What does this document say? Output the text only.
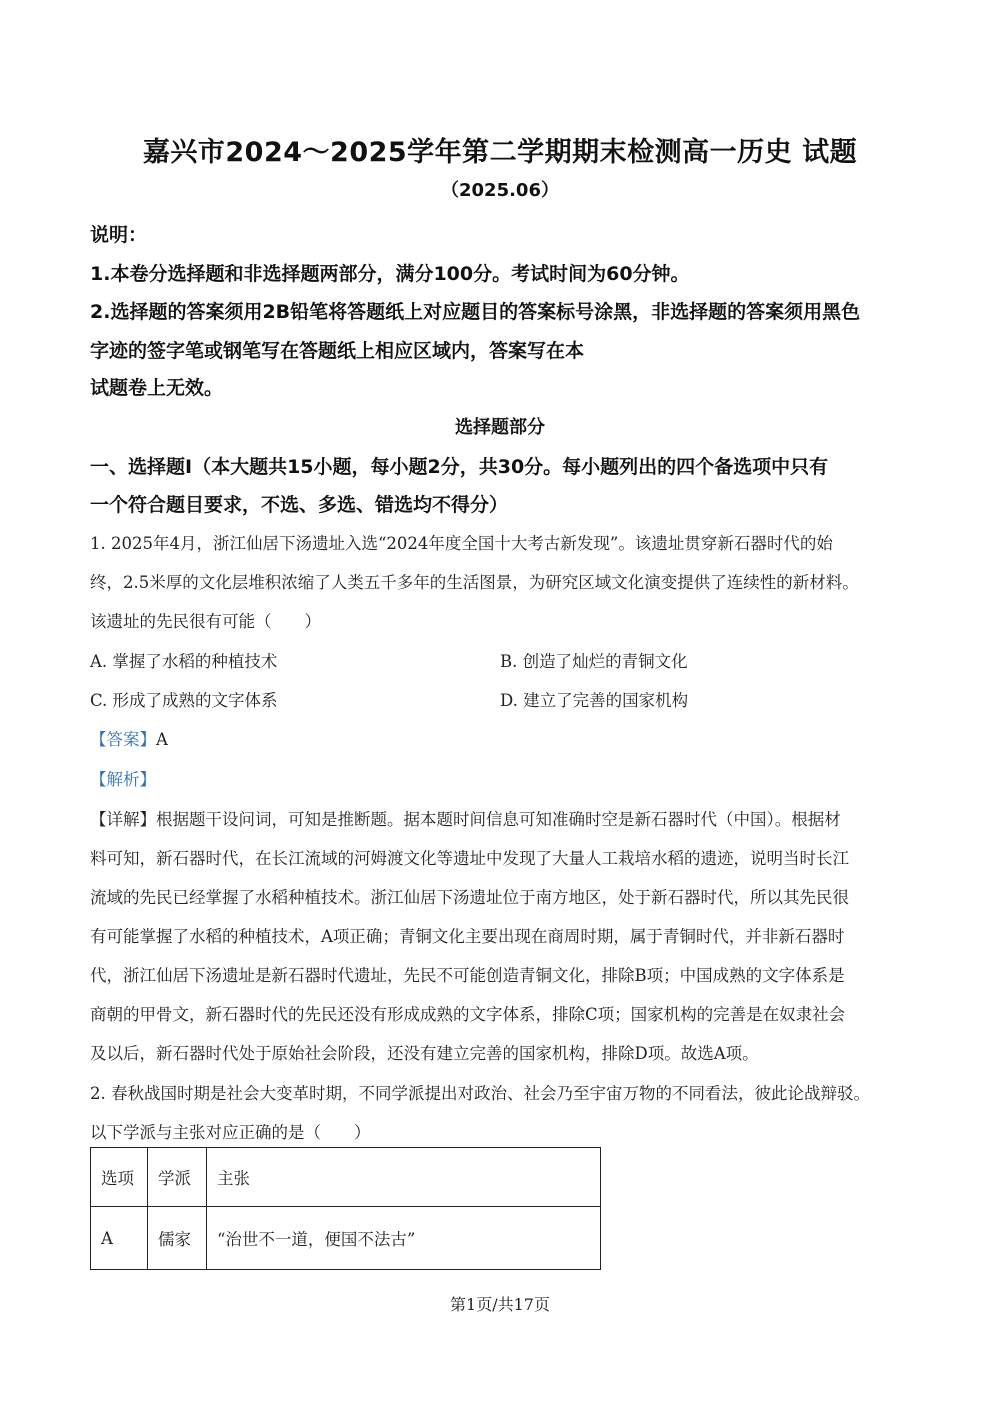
嘉兴市2024～2025学年第二学期期末检测高一历史 试题
（2025.06）
说明：
1.本卷分选择题和非选择题两部分，满分100分。考试时间为60分钟。
2.选择题的答案须用2B铅笔将答题纸上对应题目的答案标号涂黑，非选择题的答案须用黑色
字迹的签字笔或钢笔写在答题纸上相应区域内，答案写在本
试题卷上无效。
选择题部分
一、选择题Ⅰ（本大题共15小题，每小题2分，共30分。每小题列出的四个备选项中只有
一个符合题目要求，不选、多选、错选均不得分）
1. 2025年4月，浙江仙居下汤遗址入选“2024年度全国十大考古新发现”。该遗址贯穿新石器时代的始
终，2.5米厚的文化层堆积浓缩了人类五千多年的生活图景，为研究区域文化演变提供了连续性的新材料。
该遗址的先民很有可能（　　）
A. 掌握了水稻的种植技术	B. 创造了灿烂的青铜文化
C. 形成了成熟的文字体系	D. 建立了完善的国家机构
【答案】A
【解析】
【详解】根据题干设问词，可知是推断题。据本题时间信息可知准确时空是新石器时代（中国）。根据材
料可知，新石器时代，在长江流域的河姆渡文化等遗址中发现了大量人工栽培水稻的遗迹，说明当时长江
流域的先民已经掌握了水稻种植技术。浙江仙居下汤遗址位于南方地区，处于新石器时代，所以其先民很
有可能掌握了水稻的种植技术，A项正确；青铜文化主要出现在商周时期，属于青铜时代，并非新石器时
代，浙江仙居下汤遗址是新石器时代遗址，先民不可能创造青铜文化，排除B项；中国成熟的文字体系是
商朝的甲骨文，新石器时代的先民还没有形成成熟的文字体系，排除C项；国家机构的完善是在奴隶社会
及以后，新石器时代处于原始社会阶段，还没有建立完善的国家机构，排除D项。故选A项。
2. 春秋战国时期是社会大变革时期，不同学派提出对政治、社会乃至宇宙万物的不同看法，彼此论战辩驳。
以下学派与主张对应正确的是（　　）
选项	学派	主张
A	儒家	“治世不一道，便国不法古”
第1页/共17页
